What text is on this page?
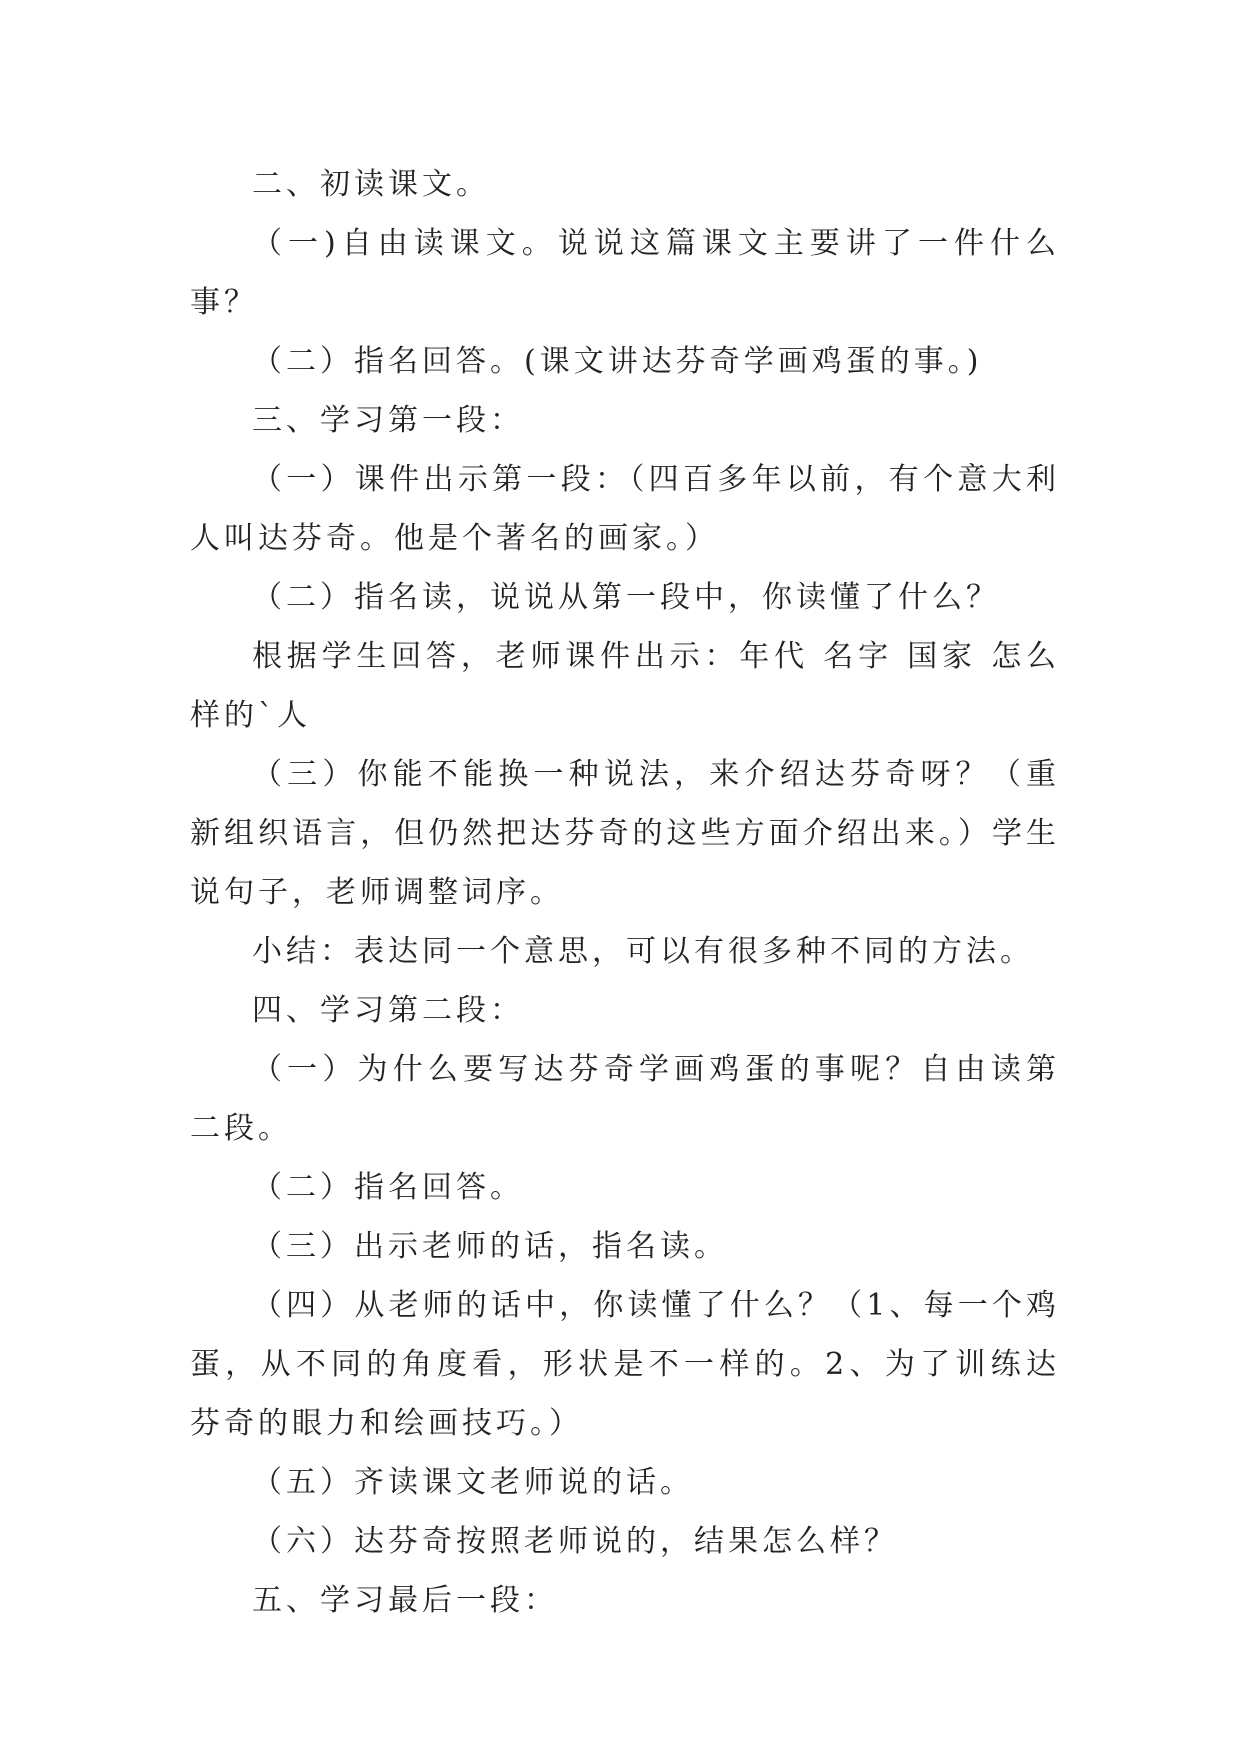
二、初读课文。

（一)自由读课文。说说这篇课文主要讲了一件什么事？

（二）指名回答。(课文讲达芬奇学画鸡蛋的事。)

三、学习第一段：

（一）课件出示第一段：（四百多年以前，有个意大利人叫达芬奇。他是个著名的画家。）

（二）指名读，说说从第一段中，你读懂了什么？

根据学生回答，老师课件出示：年代 名字 国家 怎么样的`人

（三）你能不能换一种说法，来介绍达芬奇呀？（重新组织语言，但仍然把达芬奇的这些方面介绍出来。）学生说句子，老师调整词序。

小结：表达同一个意思，可以有很多种不同的方法。

四、学习第二段：

（一）为什么要写达芬奇学画鸡蛋的事呢？自由读第二段。

（二）指名回答。

（三）出示老师的话，指名读。

（四）从老师的话中，你读懂了什么？（1、每一个鸡蛋，从不同的角度看，形状是不一样的。2、为了训练达芬奇的眼力和绘画技巧。）

（五）齐读课文老师说的话。

（六）达芬奇按照老师说的，结果怎么样？

五、学习最后一段：
